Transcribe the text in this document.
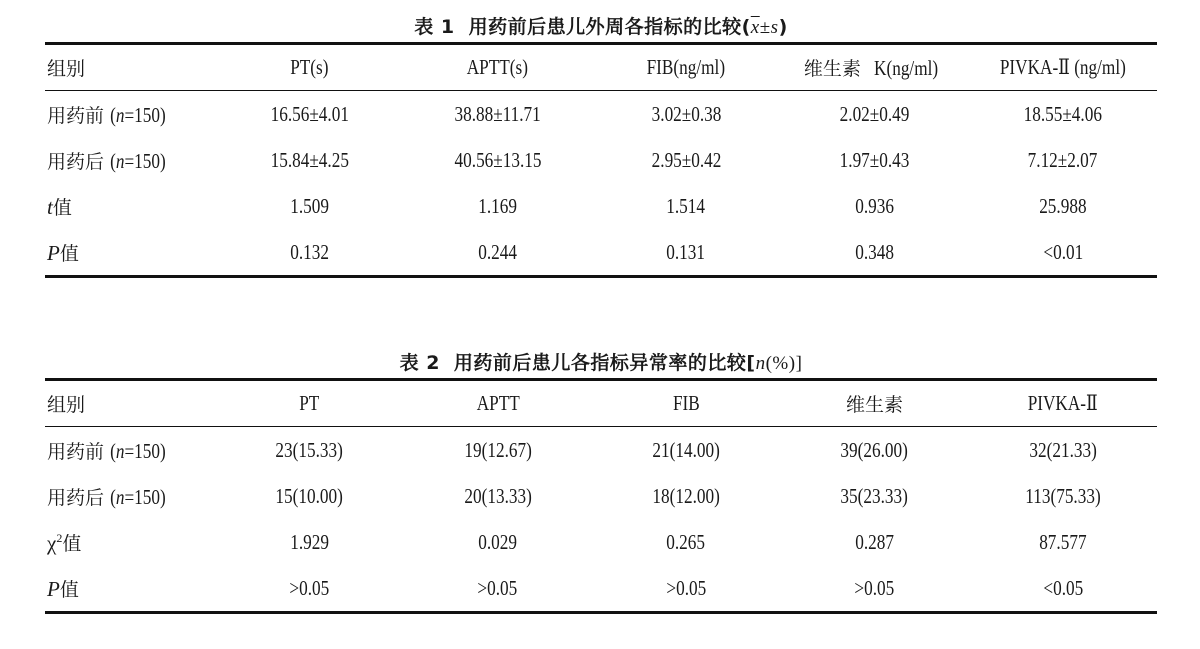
表 1 用药前后患儿外周各指标的比较$(\overline{x}\pm s)$
组别	PT(s)	APTT(s)	FIB(ng/ml)	维生素 K(ng/ml)	PIVKA-Ⅱ (ng/ml)
用药前 (n=150)	16.56±4.01	38.88±11.71	3.02±0.38	2.02±0.49	18.55±4.06
用药后 (n=150)	15.84±4.25	40.56±13.15	2.95±0.42	1.97±0.43	7.12±2.07
t值	1.509	1.169	1.514	0.936	25.988
P值	0.132	0.244	0.131	0.348	<0.01
表 2 用药前后患儿各指标异常率的比较[n(%)]
组别	PT	APTT	FIB	维生素	PIVKA-Ⅱ
用药前 (n=150)	23(15.33)	19(12.67)	21(14.00)	39(26.00)	32(21.33)
用药后 (n=150)	15(10.00)	20(13.33)	18(12.00)	35(23.33)	113(75.33)
$\chi^2$值	1.929	0.029	0.265	0.287	87.577
P值	>0.05	>0.05	>0.05	>0.05	<0.05
